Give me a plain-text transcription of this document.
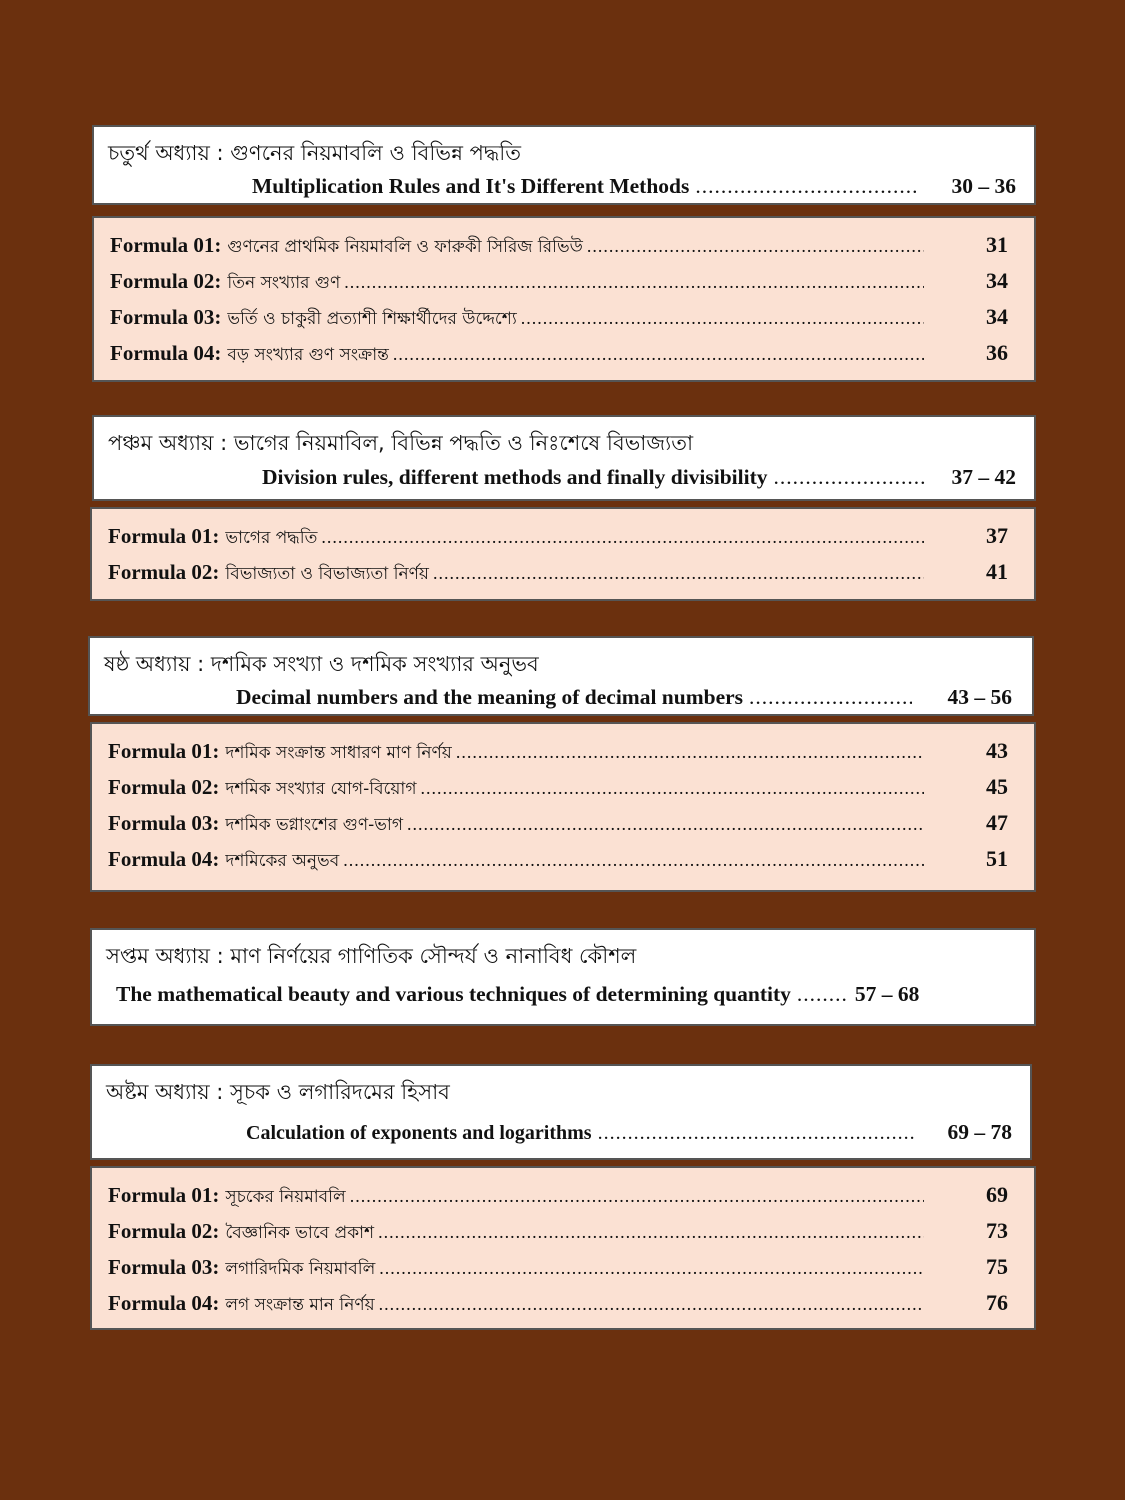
চতুর্থ অধ্যায় : গুণনের নিয়মাবলি ও বিভিন্ন পদ্ধতি
Multiplication Rules and It's Different Methods .....	30 – 36
Formula 01: গুণনের প্রাথমিক নিয়মাবলি ও ফারুকী সিরিজ রিভিউ .....	31
Formula 02: তিন সংখ্যার গুণ .....	34
Formula 03: ভর্তি ও চাকুরী প্রত্যাশী শিক্ষার্থীদের উদ্দেশ্যে .....	34
Formula 04: বড় সংখ্যার গুণ সংক্রান্ত .....	36
পঞ্চম অধ্যায় : ভাগের নিয়মাবিল, বিভিন্ন পদ্ধতি ও নিঃশেষে বিভাজ্যতা
Division rules, different methods and finally divisibility .....	37 – 42
Formula 01: ভাগের পদ্ধতি .....	37
Formula 02: বিভাজ্যতা ও বিভাজ্যতা নির্ণয় .....	41
ষষ্ঠ অধ্যায় : দশমিক সংখ্যা ও দশমিক সংখ্যার অনুভব
Decimal numbers and the meaning of decimal numbers .....	43 – 56
Formula 01: দশমিক সংক্রান্ত সাধারণ মাণ নির্ণয় .....	43
Formula 02: দশমিক সংখ্যার যোগ-বিয়োগ .....	45
Formula 03: দশমিক ভগ্নাংশের গুণ-ভাগ .....	47
Formula 04: দশমিকের অনুভব .....	51
সপ্তম অধ্যায় : মাণ নির্ণয়ের গাণিতিক সৌন্দর্য ও নানাবিধ কৌশল
The mathematical beauty and various techniques of determining quantity .....	57 – 68
অষ্টম অধ্যায় : সূচক ও লগারিদমের হিসাব
Calculation of exponents and logarithms .....	69 – 78
Formula 01: সূচকের নিয়মাবলি .....	69
Formula 02: বৈজ্ঞানিক ভাবে প্রকাশ .....	73
Formula 03: লগারিদমিক নিয়মাবলি .....	75
Formula 04: লগ সংক্রান্ত মান নির্ণয় .....	76
